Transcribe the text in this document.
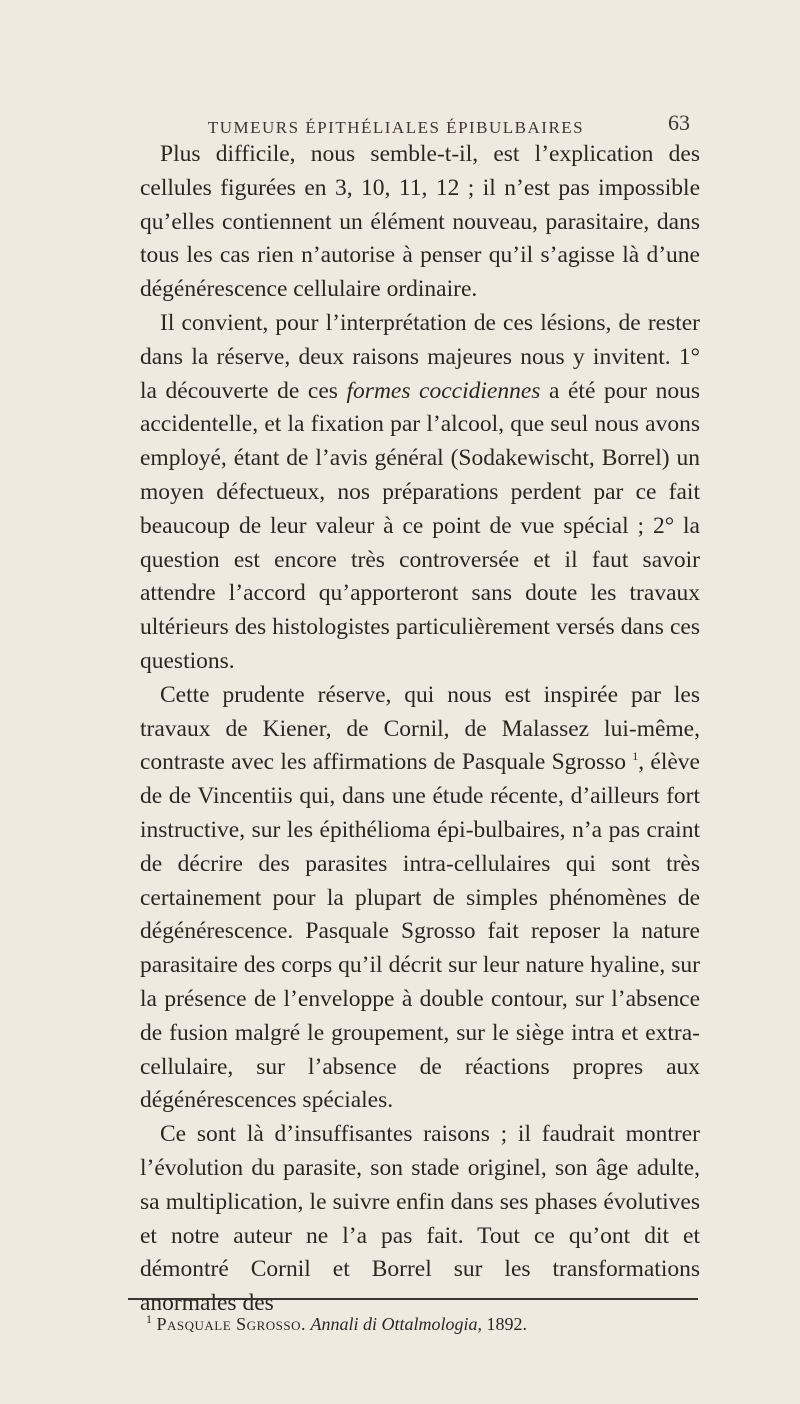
TUMEURS ÉPITHÉLIALES ÉPIBULBAIRES	63

Plus difficile, nous semble-t-il, est l’explication des cellules figurées en 3, 10, 11, 12 ; il n’est pas impossible qu’elles contiennent un élément nouveau, parasitaire, dans tous les cas rien n’autorise à penser qu’il s’agisse là d’une dégénérescence cellulaire ordinaire.

Il convient, pour l’interprétation de ces lésions, de rester dans la réserve, deux raisons majeures nous y invitent. 1° la découverte de ces formes coccidiennes a été pour nous accidentelle, et la fixation par l’alcool, que seul nous avons employé, étant de l’avis général (Sodakewischt, Borrel) un moyen défectueux, nos préparations perdent par ce fait beaucoup de leur valeur à ce point de vue spécial ; 2° la question est encore très controversée et il faut savoir attendre l’accord qu’apporteront sans doute les travaux ultérieurs des histologistes particulièrement versés dans ces questions.

Cette prudente réserve, qui nous est inspirée par les travaux de Kiener, de Cornil, de Malassez lui-même, contraste avec les affirmations de Pasquale Sgrosso $^1$, élève de de Vincentiis qui, dans une étude récente, d’ailleurs fort instructive, sur les épithélioma épi-bulbaires, n’a pas craint de décrire des parasites intra-cellulaires qui sont très certainement pour la plupart de simples phénomènes de dégénérescence. Pasquale Sgrosso fait reposer la nature parasitaire des corps qu’il décrit sur leur nature hyaline, sur la présence de l’enveloppe à double contour, sur l’absence de fusion malgré le groupement, sur le siège intra et extra-cellulaire, sur l’absence de réactions propres aux dégénérescences spéciales.

Ce sont là d’insuffisantes raisons ; il faudrait montrer l’évolution du parasite, son stade originel, son âge adulte, sa multiplication, le suivre enfin dans ses phases évolutives et notre auteur ne l’a pas fait. Tout ce qu’ont dit et démontré Cornil et Borrel sur les transformations anormales des

$^1$ Pasquale Sgrosso. Annali di Ottalmologia, 1892.
